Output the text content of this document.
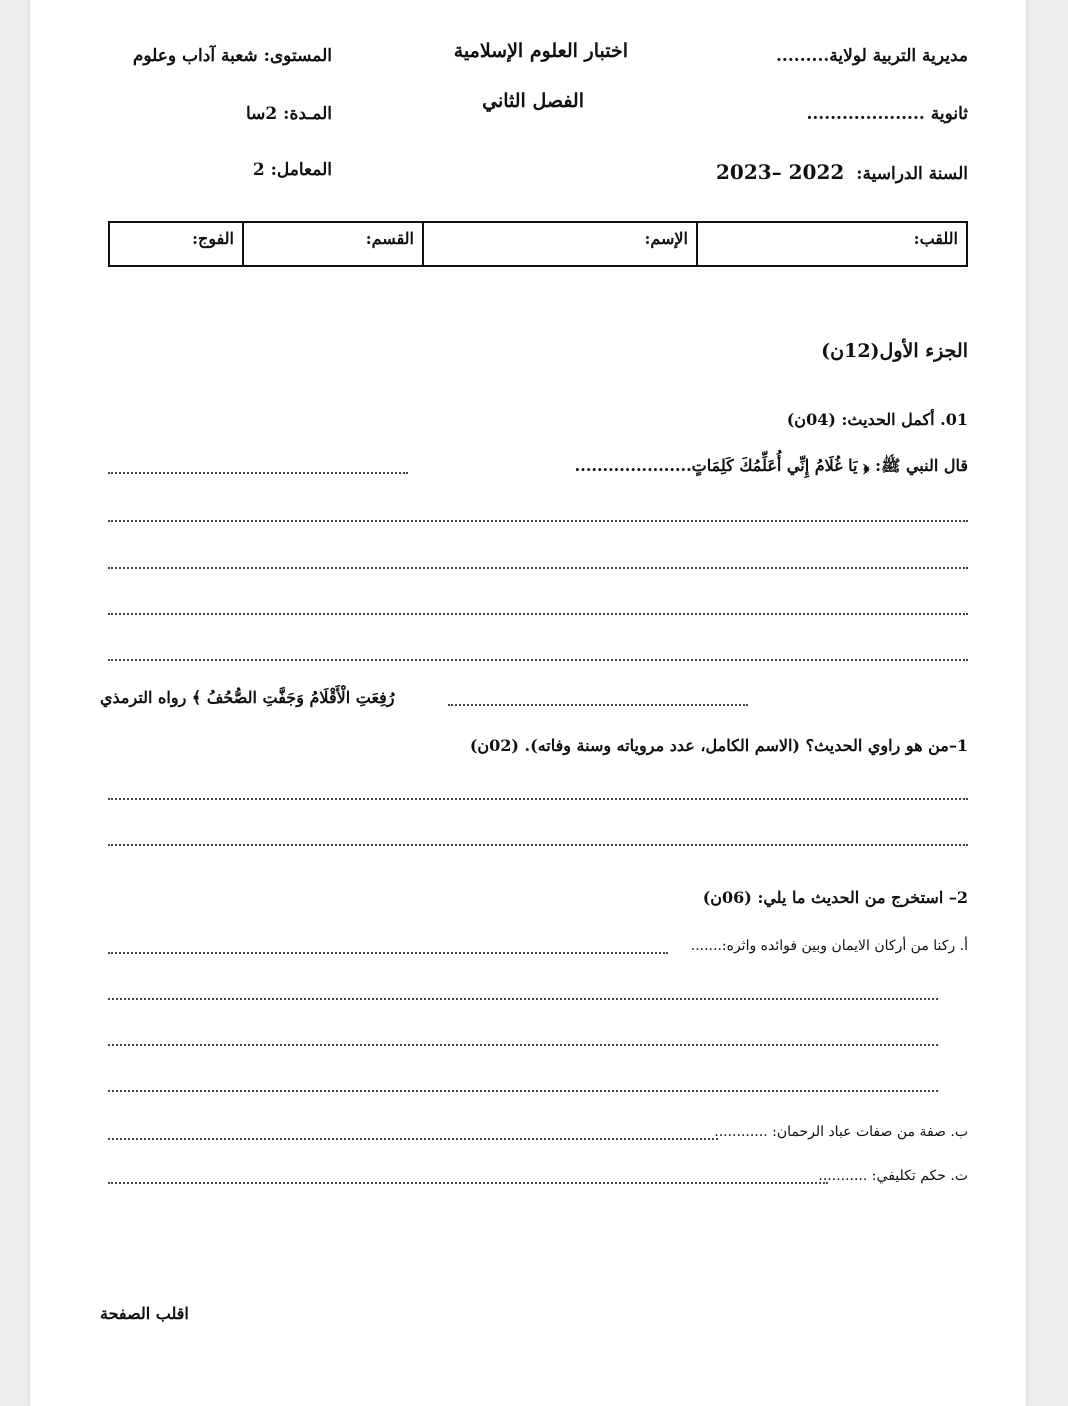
مديرية التربية لولاية.........
ثانوية ....................
السنة الدراسية: 2022 –2023
اختبار العلوم الإسلامية
الفصل الثاني
المستوى: شعبة آداب وعلوم
المـدة: 2سا
المعامل: 2
اللقب:	الإسم:	القسم:	الفوج:
الجزء الأول(12ن)
01. أكمل الحديث: (04ن)
قال النبي ﷺ: ﴿ يَا غُلَامُ إِنِّي أُعَلِّمُكَ كَلِمَاتٍ.....................
رُفِعَتِ الْأَقْلَامُ وَجَفَّتِ الصُّحُفُ ﴾ رواه الترمذي
1–من هو راوي الحديث؟ (الاسم الكامل، عدد مروياته وسنة وفاته). (02ن)
2– استخرج من الحديث ما يلي: (06ن)
أ. ركنا من أركان الايمان وبين فوائده واثره:.......
ب. صفة من صفات عباد الرحمان: ............
ت. حكم تكليفي: ...........
اقلب الصفحة
